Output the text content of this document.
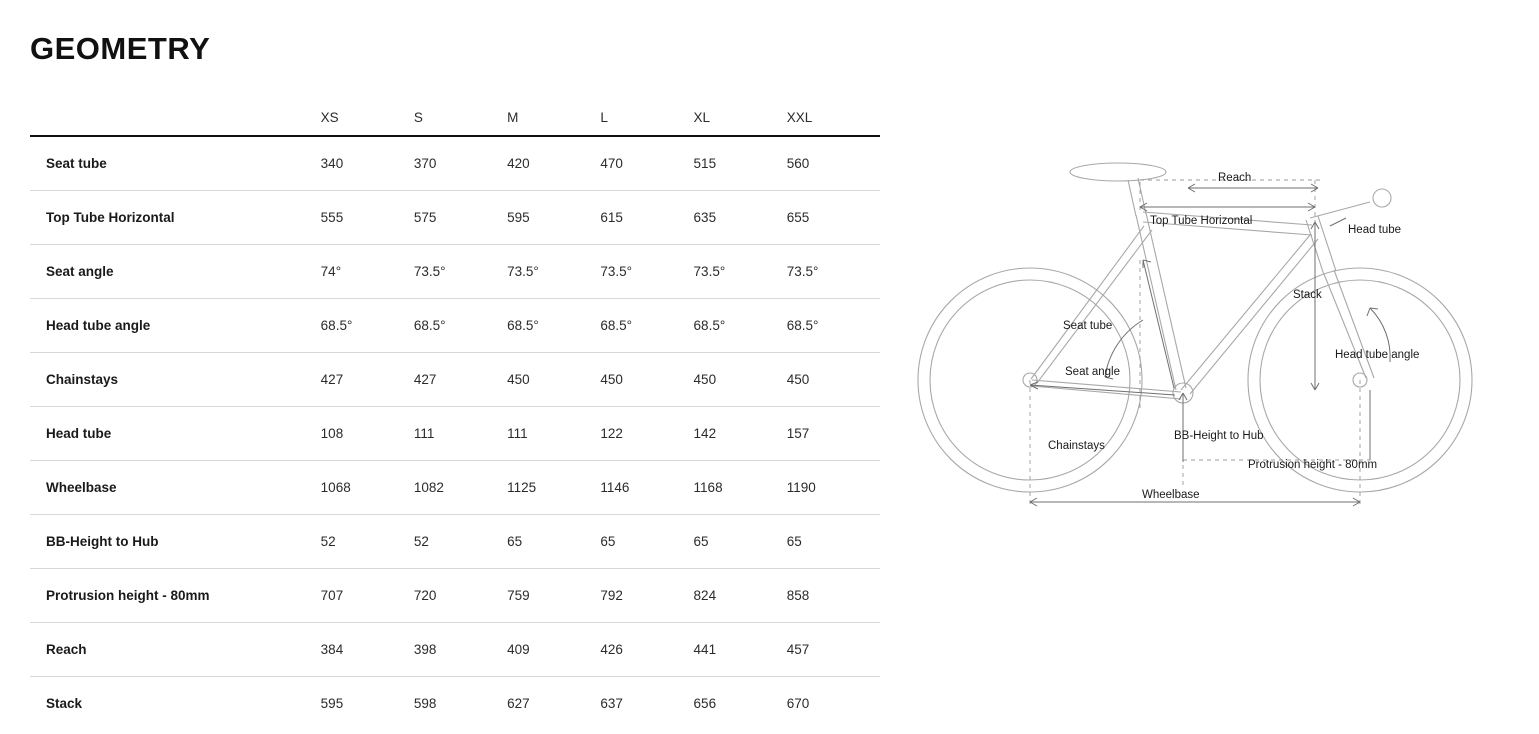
GEOMETRY
	XS	S	M	L	XL	XXL
Seat tube	340	370	420	470	515	560
Top Tube Horizontal	555	575	595	615	635	655
Seat angle	74°	73.5°	73.5°	73.5°	73.5°	73.5°
Head tube angle	68.5°	68.5°	68.5°	68.5°	68.5°	68.5°
Chainstays	427	427	450	450	450	450
Head tube	108	111	111	122	142	157
Wheelbase	1068	1082	1125	1146	1168	1190
BB-Height to Hub	52	52	65	65	65	65
Protrusion height - 80mm	707	720	759	792	824	858
Reach	384	398	409	426	441	457
Stack	595	598	627	637	656	670
Reach
Top Tube Horizontal
Head tube
Stack
Seat tube
Seat angle
Head tube angle
Chainstays
BB-Height to Hub
Protrusion height - 80mm
Wheelbase
